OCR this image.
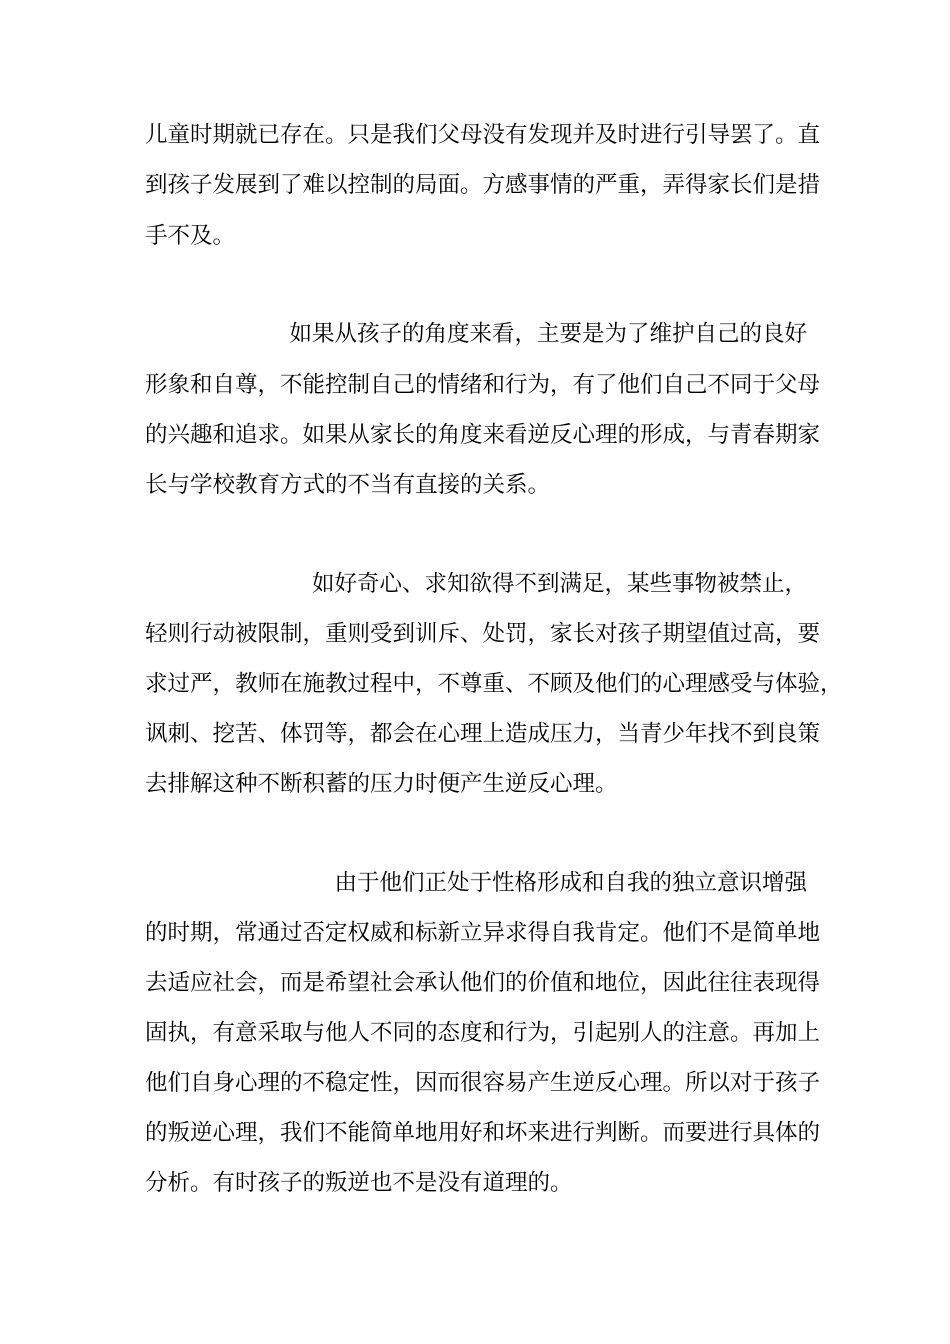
儿童时期就已存在。只是我们父母没有发现并及时进行引导罢了。直
到孩子发展到了难以控制的局面。方感事情的严重，弄得家长们是措
手不及。
如果从孩子的角度来看，主要是为了维护自己的良好
形象和自尊，不能控制自己的情绪和行为，有了他们自己不同于父母
的兴趣和追求。如果从家长的角度来看逆反心理的形成，与青春期家
长与学校教育方式的不当有直接的关系。
如好奇心、求知欲得不到满足，某些事物被禁止，
轻则行动被限制，重则受到训斥、处罚，家长对孩子期望值过高，要
求过严，教师在施教过程中，不尊重、不顾及他们的心理感受与体验，
讽刺、挖苦、体罚等，都会在心理上造成压力，当青少年找不到良策
去排解这种不断积蓄的压力时便产生逆反心理。
由于他们正处于性格形成和自我的独立意识增强
的时期，常通过否定权威和标新立异求得自我肯定。他们不是简单地
去适应社会，而是希望社会承认他们的价值和地位，因此往往表现得
固执，有意采取与他人不同的态度和行为，引起别人的注意。再加上
他们自身心理的不稳定性，因而很容易产生逆反心理。所以对于孩子
的叛逆心理，我们不能简单地用好和坏来进行判断。而要进行具体的
分析。有时孩子的叛逆也不是没有道理的。
